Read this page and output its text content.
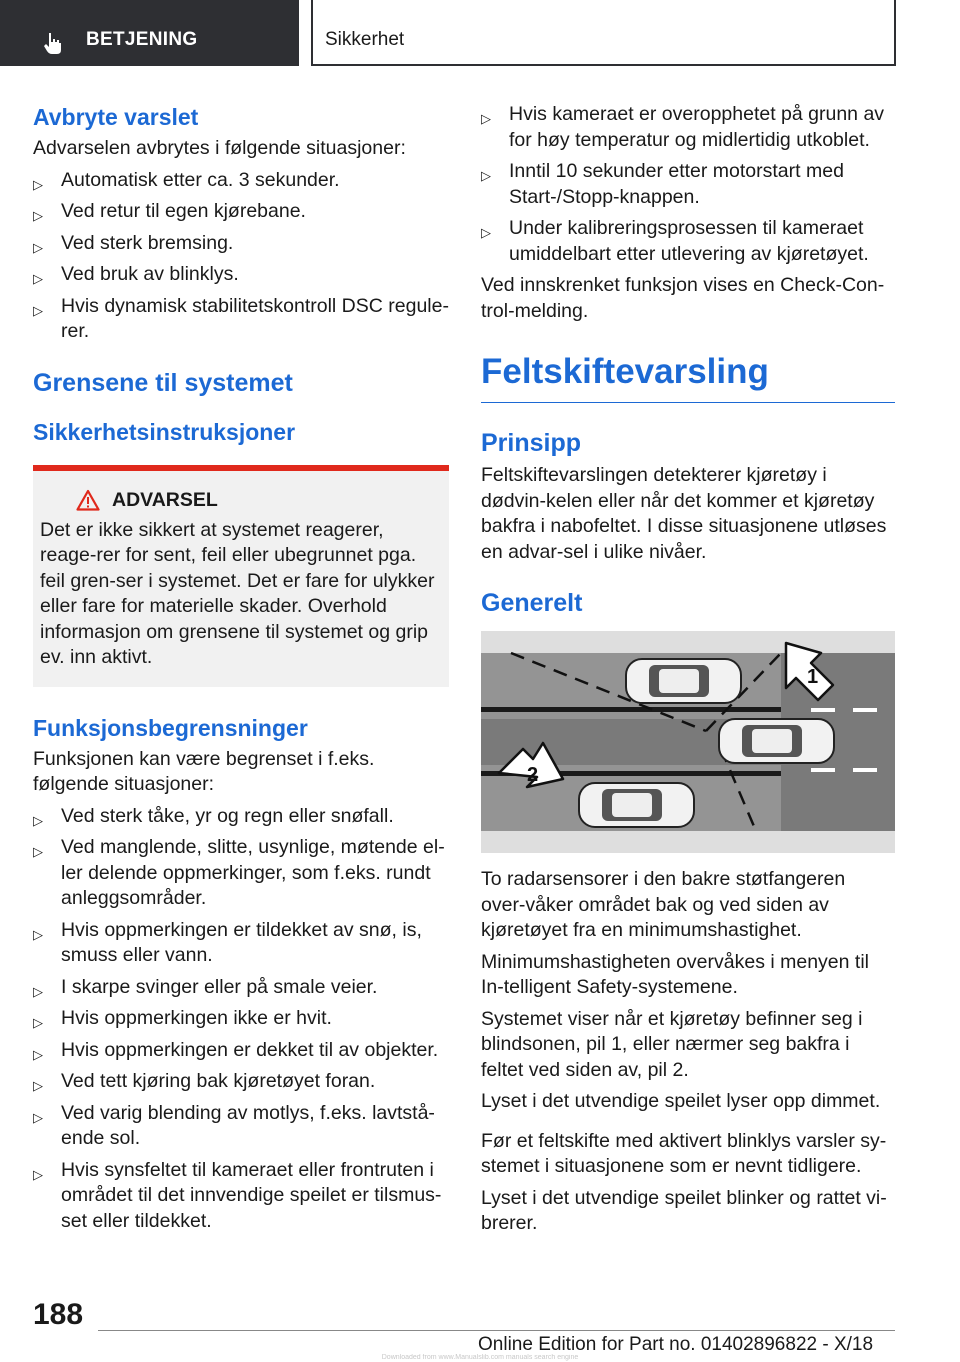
BETJENING	Sikkerhet
Avbryte varslet

Advarselen avbrytes i følgende situasjoner:

▷ Automatisk etter ca. 3 sekunder.
▷ Ved retur til egen kjørebane.
▷ Ved sterk bremsing.
▷ Ved bruk av blinklys.
▷ Hvis dynamisk stabilitetskontroll DSC regule-rer.
Grensene til systemet
Sikkerhetsinstruksjoner
ADVARSEL

Det er ikke sikkert at systemet reagerer, reage-rer for sent, feil eller ubegrunnet pga. feil gren-ser i systemet. Det er fare for ulykker eller fare for materielle skader. Overhold informasjon om grensene til systemet og grip ev. inn aktivt.

Funksjonsbegrensninger

Funksjonen kan være begrenset i f.eks. følgende situasjoner:

▷ Ved sterk tåke, yr og regn eller snøfall.
▷ Ved manglende, slitte, usynlige, møtende el-ler delende oppmerkinger, som f.eks. rundt anleggsområder.
▷ Hvis oppmerkingen er tildekket av snø, is, smuss eller vann.
▷ I skarpe svinger eller på smale veier.
▷ Hvis oppmerkingen ikke er hvit.
▷ Hvis oppmerkingen er dekket til av objekter.
▷ Ved tett kjøring bak kjøretøyet foran.
▷ Ved varig blending av motlys, f.eks. lavtstå-ende sol.
▷ Hvis synsfeltet til kameraet eller frontruten i området til det innvendige speilet er tilsmus-set eller tildekket.
▷ Hvis kameraet er overopphetet på grunn av for høy temperatur og midlertidig utkoblet.
▷ Inntil 10 sekunder etter motorstart med Start-/Stopp-knappen.
▷ Under kalibreringsprosessen til kameraet umiddelbart etter utlevering av kjøretøyet.

Ved innskrenket funksjon vises en Check-Con-trol-melding.

Feltskiftevarsling
Prinsipp

Feltskiftevarslingen detekterer kjøretøy i dødvin-kelen eller når det kommer et kjøretøy bakfra i nabofeltet. I disse situasjonene utløses en advar-sel i ulike nivåer.

Generelt
1
2

To radarsensorer i den bakre støtfangeren over-våker området bak og ved siden av kjøretøyet fra en minimumshastighet.

Minimumshastigheten overvåkes i menyen til In-telligent Safety-systemene.

Systemet viser når et kjøretøy befinner seg i blindsonen, pil 1, eller nærmer seg bakfra i feltet ved siden av, pil 2.

Lyset i det utvendige speilet lyser opp dimmet.

Før et feltskifte med aktivert blinklys varsler sy-stemet i situasjonene som er nevnt tidligere.

Lyset i det utvendige speilet blinker og rattet vi-brerer.

188
Online Edition for Part no. 01402896822 - X/18
Downloaded from www.Manualslib.com manuals search engine
